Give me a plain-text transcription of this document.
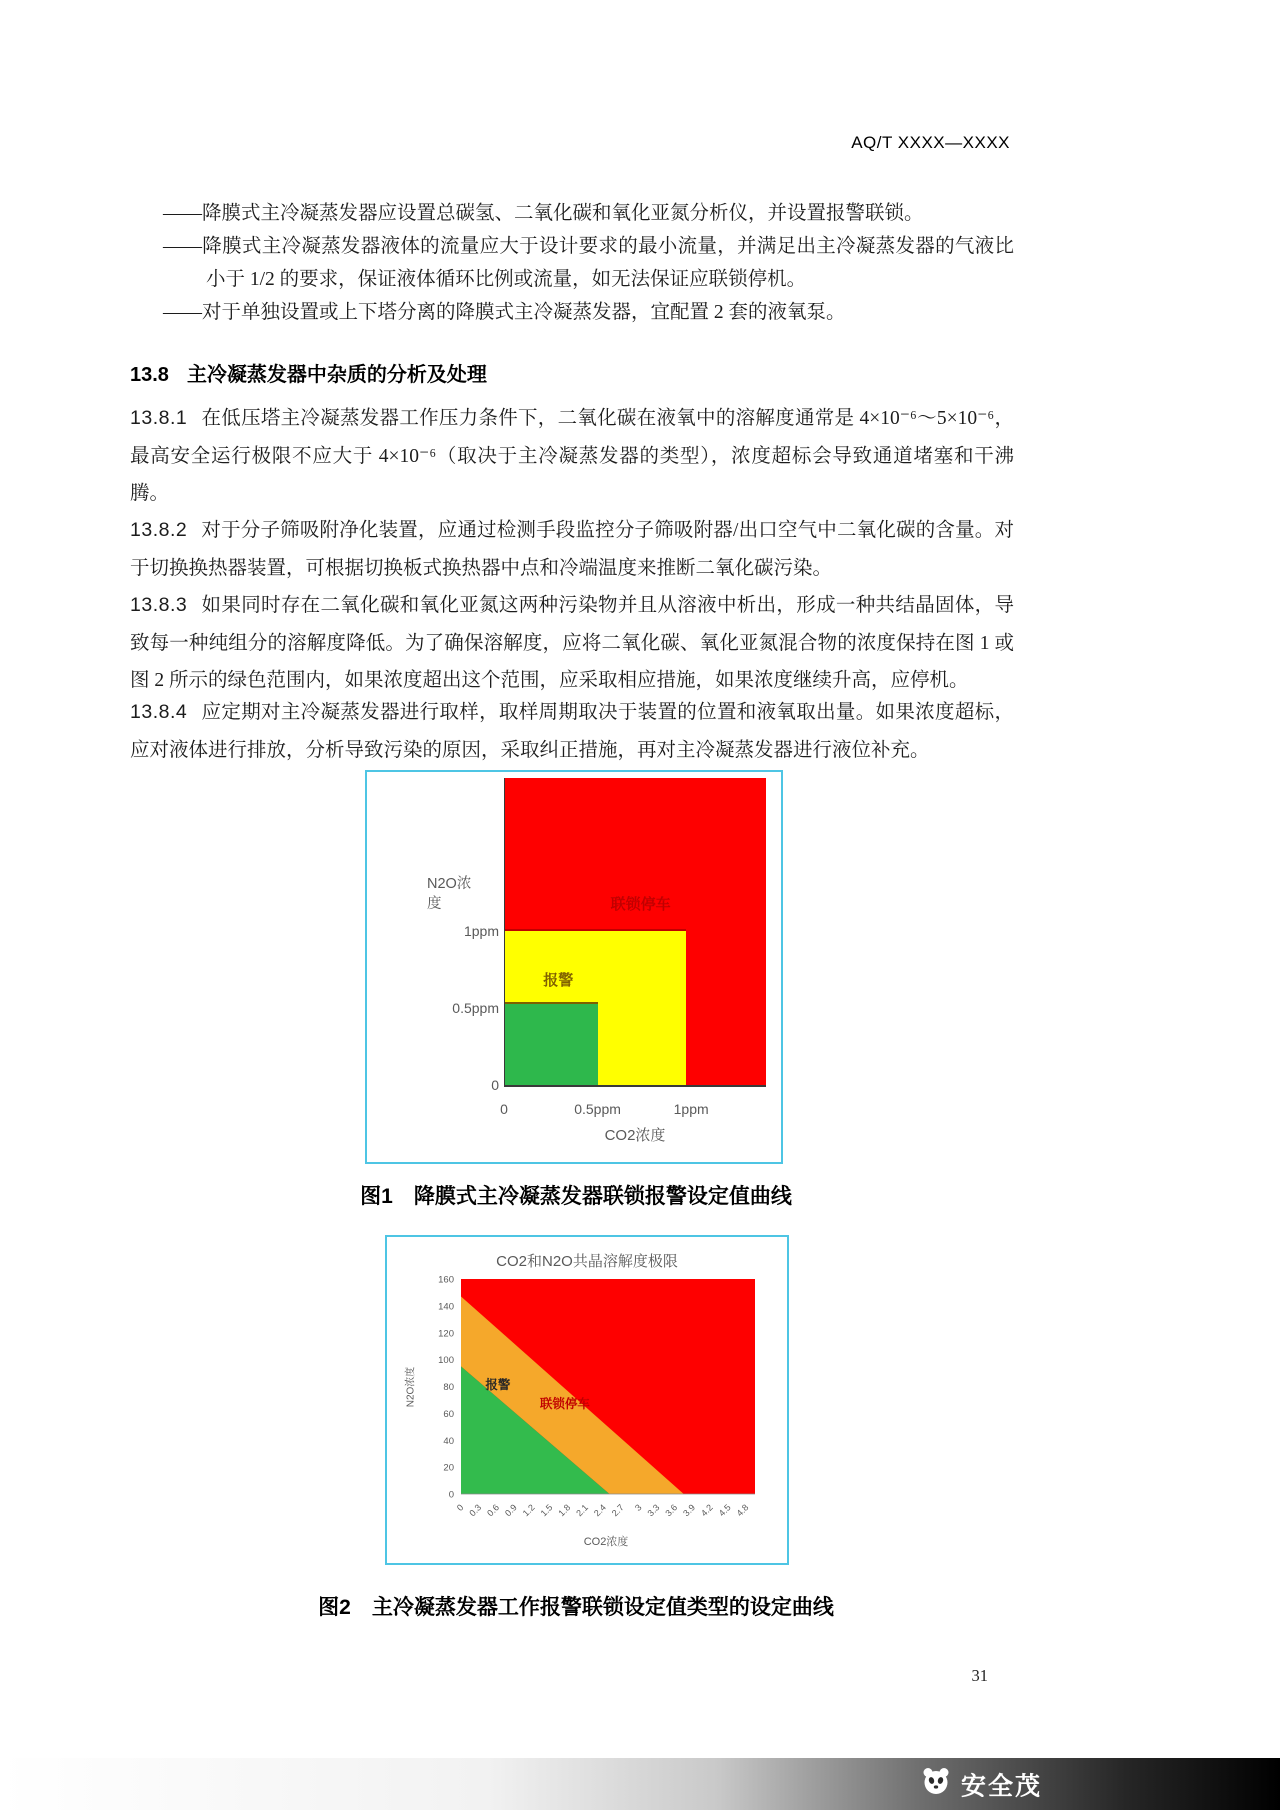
AQ/T XXXX—XXXX

——降膜式主冷凝蒸发器应设置总碳氢、二氧化碳和氧化亚氮分析仪，并设置报警联锁。

——降膜式主冷凝蒸发器液体的流量应大于设计要求的最小流量，并满足出主冷凝蒸发器的气液比小于 1/2 的要求，保证液体循环比例或流量，如无法保证应联锁停机。

——对于单独设置或上下塔分离的降膜式主冷凝蒸发器，宜配置 2 套的液氧泵。

13.8 主冷凝蒸发器中杂质的分析及处理

13.8.1 在低压塔主冷凝蒸发器工作压力条件下，二氧化碳在液氧中的溶解度通常是 4×10⁻⁶～5×10⁻⁶，最高安全运行极限不应大于 4×10⁻⁶（取决于主冷凝蒸发器的类型），浓度超标会导致通道堵塞和干沸腾。

13.8.2 对于分子筛吸附净化装置，应通过检测手段监控分子筛吸附器/出口空气中二氧化碳的含量。对于切换换热器装置，可根据切换板式换热器中点和冷端温度来推断二氧化碳污染。

13.8.3 如果同时存在二氧化碳和氧化亚氮这两种污染物并且从溶液中析出，形成一种共结晶固体，导致每一种纯组分的溶解度降低。为了确保溶解度，应将二氧化碳、氧化亚氮混合物的浓度保持在图 1 或图 2 所示的绿色范围内，如果浓度超出这个范围，应采取相应措施，如果浓度继续升高，应停机。

13.8.4 应定期对主冷凝蒸发器进行取样，取样周期取决于装置的位置和液氧取出量。如果浓度超标，应对液体进行排放，分析导致污染的原因，采取纠正措施，再对主冷凝蒸发器进行液位补充。

N2O浓度
报警
联锁停车
CO2浓度
1ppm
0.5ppm
0
0	0.5ppm	1ppm
图1　降膜式主冷凝蒸发器联锁报警设定值曲线
CO2和N2O共晶溶解度极限
N2O浓度
0
20
40
60
80
100
120
140
160
0 0.3 0.6 0.9 1.2 1.5 1.8 2.1 2.4 2.7 3 3.3 3.6 3.9 4.2 4.5 4.8
报警
联锁停车
CO2浓度
图2　主冷凝蒸发器工作报警联锁设定值类型的设定曲线
31
安全茂
